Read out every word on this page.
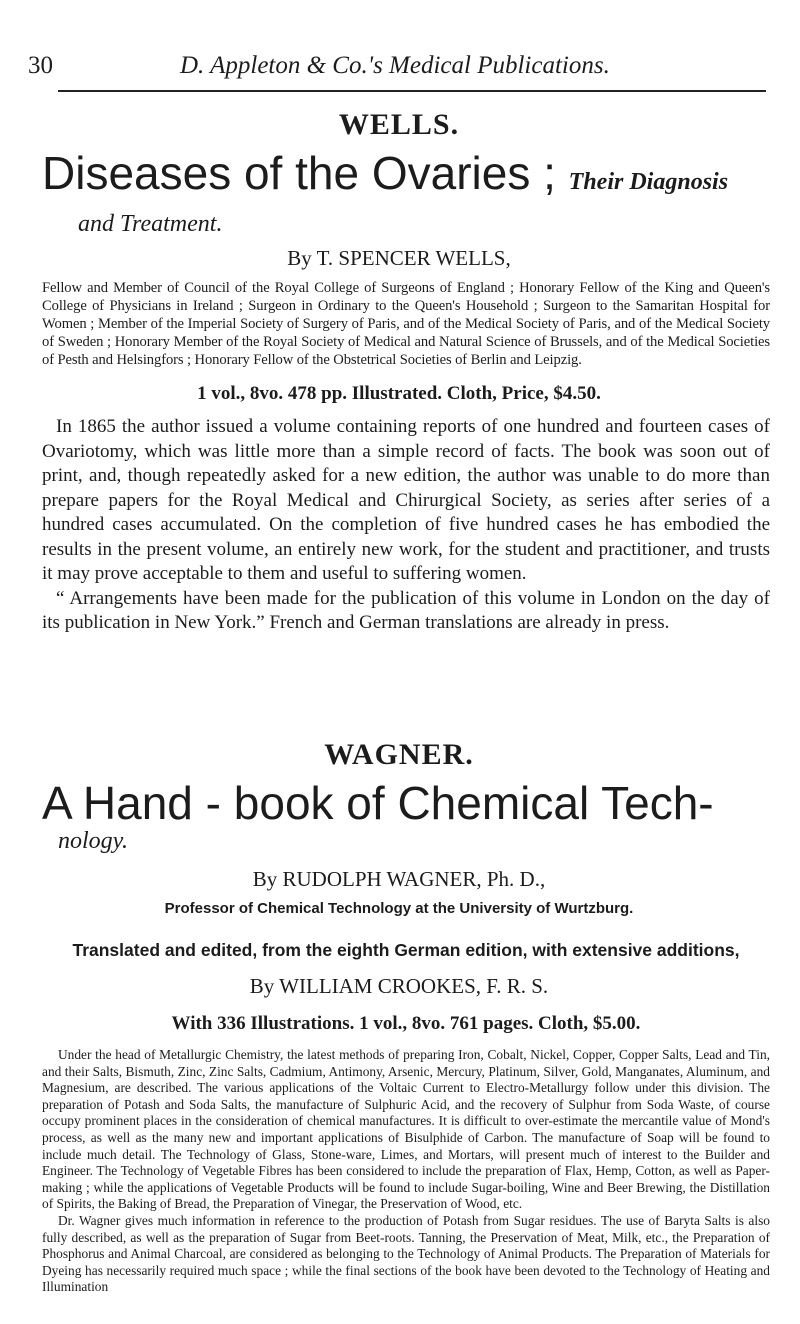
30	D. Appleton & Co.'s Medical Publications.
WELLS.
Diseases of the Ovaries ; Their Diagnosis
and Treatment.
By T. SPENCER WELLS,
Fellow and Member of Council of the Royal College of Surgeons of England ; Honorary Fellow of the King and Queen's College of Physicians in Ireland ; Surgeon in Ordinary to the Queen's Household ; Surgeon to the Samaritan Hospital for Women ; Member of the Imperial Society of Surgery of Paris, and of the Medical Society of Paris, and of the Medical Society of Sweden ; Honorary Member of the Royal Society of Medical and Natural Science of Brussels, and of the Medical Societies of Pesth and Helsingfors ; Honorary Fellow of the Obstetrical Societies of Berlin and Leipzig.
1 vol., 8vo. 478 pp. Illustrated. Cloth, Price, $4.50.

In 1865 the author issued a volume containing reports of one hundred and fourteen cases of Ovariotomy, which was little more than a simple record of facts. The book was soon out of print, and, though repeatedly asked for a new edition, the author was unable to do more than prepare papers for the Royal Medical and Chirurgical Society, as series after series of a hundred cases accumulated. On the completion of five hundred cases he has embodied the results in the present volume, an entirely new work, for the student and practitioner, and trusts it may prove acceptable to them and useful to suffering women.

“ Arrangements have been made for the publication of this volume in London on the day of its publication in New York.” French and German translations are already in press.

WAGNER.
A Hand - book of Chemical Tech-
nology.
By RUDOLPH WAGNER, Ph. D.,
Professor of Chemical Technology at the University of Wurtzburg.
Translated and edited, from the eighth German edition, with extensive additions,
By WILLIAM CROOKES, F. R. S.
With 336 Illustrations. 1 vol., 8vo. 761 pages. Cloth, $5.00.

Under the head of Metallurgic Chemistry, the latest methods of preparing Iron, Cobalt, Nickel, Copper, Copper Salts, Lead and Tin, and their Salts, Bismuth, Zinc, Zinc Salts, Cadmium, Antimony, Arsenic, Mercury, Platinum, Silver, Gold, Manganates, Aluminum, and Magnesium, are described. The various applications of the Voltaic Current to Electro-Metallurgy follow under this division. The preparation of Potash and Soda Salts, the manufacture of Sulphuric Acid, and the recovery of Sulphur from Soda Waste, of course occupy prominent places in the consideration of chemical manufactures. It is difficult to over-estimate the mercantile value of Mond's process, as well as the many new and important applications of Bisulphide of Carbon. The manufacture of Soap will be found to include much detail. The Technology of Glass, Stone-ware, Limes, and Mortars, will present much of interest to the Builder and Engineer. The Technology of Vegetable Fibres has been considered to include the preparation of Flax, Hemp, Cotton, as well as Paper-making ; while the applications of Vegetable Products will be found to include Sugar-boiling, Wine and Beer Brewing, the Distillation of Spirits, the Baking of Bread, the Preparation of Vinegar, the Preservation of Wood, etc.

Dr. Wagner gives much information in reference to the production of Potash from Sugar residues. The use of Baryta Salts is also fully described, as well as the preparation of Sugar from Beet-roots. Tanning, the Preservation of Meat, Milk, etc., the Preparation of Phosphorus and Animal Charcoal, are considered as belonging to the Technology of Animal Products. The Preparation of Materials for Dyeing has necessarily required much space ; while the final sections of the book have been devoted to the Technology of Heating and Illumination
